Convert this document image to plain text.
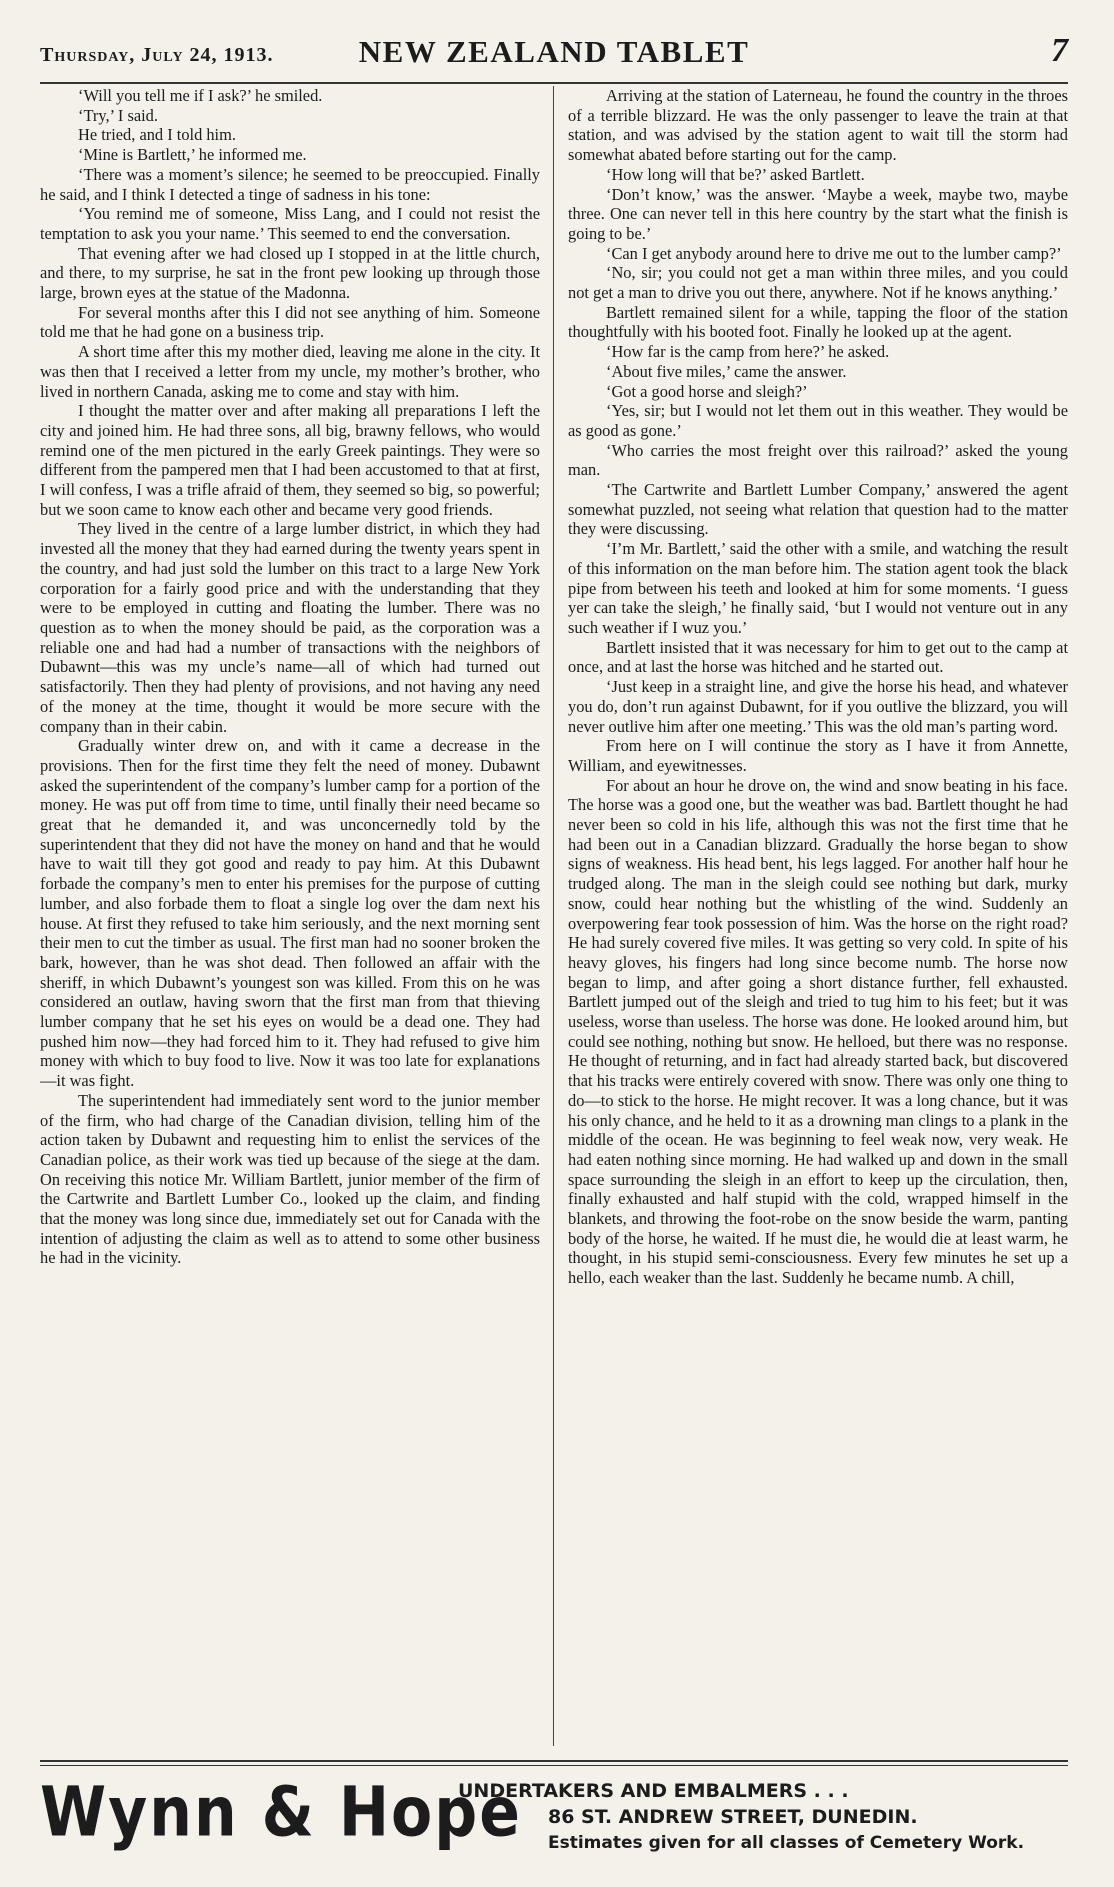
Thursday, July 24, 1913.	NEW ZEALAND TABLET	7

‘Will you tell me if I ask?’ he smiled.

‘Try,’ I said.

He tried, and I told him.

‘Mine is Bartlett,’ he informed me.

‘There was a moment’s silence; he seemed to be preoccupied. Finally he said, and I think I detected a tinge of sadness in his tone:

‘You remind me of someone, Miss Lang, and I could not resist the temptation to ask you your name.’ This seemed to end the conversation.

That evening after we had closed up I stopped in at the little church, and there, to my surprise, he sat in the front pew looking up through those large, brown eyes at the statue of the Madonna.

For several months after this I did not see anything of him. Someone told me that he had gone on a business trip.

A short time after this my mother died, leaving me alone in the city. It was then that I received a letter from my uncle, my mother’s brother, who lived in northern Canada, asking me to come and stay with him.

I thought the matter over and after making all preparations I left the city and joined him. He had three sons, all big, brawny fellows, who would remind one of the men pictured in the early Greek paintings. They were so different from the pampered men that I had been accustomed to that at first, I will confess, I was a trifle afraid of them, they seemed so big, so powerful; but we soon came to know each other and became very good friends.

They lived in the centre of a large lumber district, in which they had invested all the money that they had earned during the twenty years spent in the country, and had just sold the lumber on this tract to a large New York corporation for a fairly good price and with the understanding that they were to be employed in cutting and floating the lumber. There was no question as to when the money should be paid, as the corporation was a reliable one and had had a number of transactions with the neighbors of Dubawnt—this was my uncle’s name—all of which had turned out satisfactorily. Then they had plenty of provisions, and not having any need of the money at the time, thought it would be more secure with the company than in their cabin.

Gradually winter drew on, and with it came a decrease in the provisions. Then for the first time they felt the need of money. Dubawnt asked the superintendent of the company’s lumber camp for a portion of the money. He was put off from time to time, until finally their need became so great that he demanded it, and was unconcernedly told by the superintendent that they did not have the money on hand and that he would have to wait till they got good and ready to pay him. At this Dubawnt forbade the company’s men to enter his premises for the purpose of cutting lumber, and also forbade them to float a single log over the dam next his house. At first they refused to take him seriously, and the next morning sent their men to cut the timber as usual. The first man had no sooner broken the bark, however, than he was shot dead. Then followed an affair with the sheriff, in which Dubawnt’s youngest son was killed. From this on he was considered an outlaw, having sworn that the first man from that thieving lumber company that he set his eyes on would be a dead one. They had pushed him now—they had forced him to it. They had refused to give him money with which to buy food to live. Now it was too late for explanations—it was fight.

The superintendent had immediately sent word to the junior member of the firm, who had charge of the Canadian division, telling him of the action taken by Dubawnt and requesting him to enlist the services of the Canadian police, as their work was tied up because of the siege at the dam. On receiving this notice Mr. William Bartlett, junior member of the firm of the Cartwrite and Bartlett Lumber Co., looked up the claim, and finding that the money was long since due, immediately set out for Canada with the intention of adjusting the claim as well as to attend to some other business he had in the vicinity.

Arriving at the station of Laterneau, he found the country in the throes of a terrible blizzard. He was the only passenger to leave the train at that station, and was advised by the station agent to wait till the storm had somewhat abated before starting out for the camp.

‘How long will that be?’ asked Bartlett.

‘Don’t know,’ was the answer. ‘Maybe a week, maybe two, maybe three. One can never tell in this here country by the start what the finish is going to be.’

‘Can I get anybody around here to drive me out to the lumber camp?’

‘No, sir; you could not get a man within three miles, and you could not get a man to drive you out there, anywhere. Not if he knows anything.’

Bartlett remained silent for a while, tapping the floor of the station thoughtfully with his booted foot. Finally he looked up at the agent.

‘How far is the camp from here?’ he asked.

‘About five miles,’ came the answer.

‘Got a good horse and sleigh?’

‘Yes, sir; but I would not let them out in this weather. They would be as good as gone.’

‘Who carries the most freight over this railroad?’ asked the young man.

‘The Cartwrite and Bartlett Lumber Company,’ answered the agent somewhat puzzled, not seeing what relation that question had to the matter they were discussing.

‘I’m Mr. Bartlett,’ said the other with a smile, and watching the result of this information on the man before him. The station agent took the black pipe from between his teeth and looked at him for some moments. ‘I guess yer can take the sleigh,’ he finally said, ‘but I would not venture out in any such weather if I wuz you.’

Bartlett insisted that it was necessary for him to get out to the camp at once, and at last the horse was hitched and he started out.

‘Just keep in a straight line, and give the horse his head, and whatever you do, don’t run against Dubawnt, for if you outlive the blizzard, you will never outlive him after one meeting.’ This was the old man’s parting word.

From here on I will continue the story as I have it from Annette, William, and eyewitnesses.

For about an hour he drove on, the wind and snow beating in his face. The horse was a good one, but the weather was bad. Bartlett thought he had never been so cold in his life, although this was not the first time that he had been out in a Canadian blizzard. Gradually the horse began to show signs of weakness. His head bent, his legs lagged. For another half hour he trudged along. The man in the sleigh could see nothing but dark, murky snow, could hear nothing but the whistling of the wind. Suddenly an overpowering fear took possession of him. Was the horse on the right road? He had surely covered five miles. It was getting so very cold. In spite of his heavy gloves, his fingers had long since become numb. The horse now began to limp, and after going a short distance further, fell exhausted. Bartlett jumped out of the sleigh and tried to tug him to his feet; but it was useless, worse than useless. The horse was done. He looked around him, but could see nothing, nothing but snow. He helloed, but there was no response. He thought of returning, and in fact had already started back, but discovered that his tracks were entirely covered with snow. There was only one thing to do—to stick to the horse. He might recover. It was a long chance, but it was his only chance, and he held to it as a drowning man clings to a plank in the middle of the ocean. He was beginning to feel weak now, very weak. He had eaten nothing since morning. He had walked up and down in the small space surrounding the sleigh in an effort to keep up the circulation, then, finally exhausted and half stupid with the cold, wrapped himself in the blankets, and throwing the foot-robe on the snow beside the warm, panting body of the horse, he waited. If he must die, he would die at least warm, he thought, in his stupid semi-consciousness. Every few minutes he set up a hello, each weaker than the last. Suddenly he became numb. A chill,

Wynn & Hope
UNDERTAKERS AND EMBALMERS . . .
86 ST. ANDREW STREET, DUNEDIN.
Estimates given for all classes of Cemetery Work.
